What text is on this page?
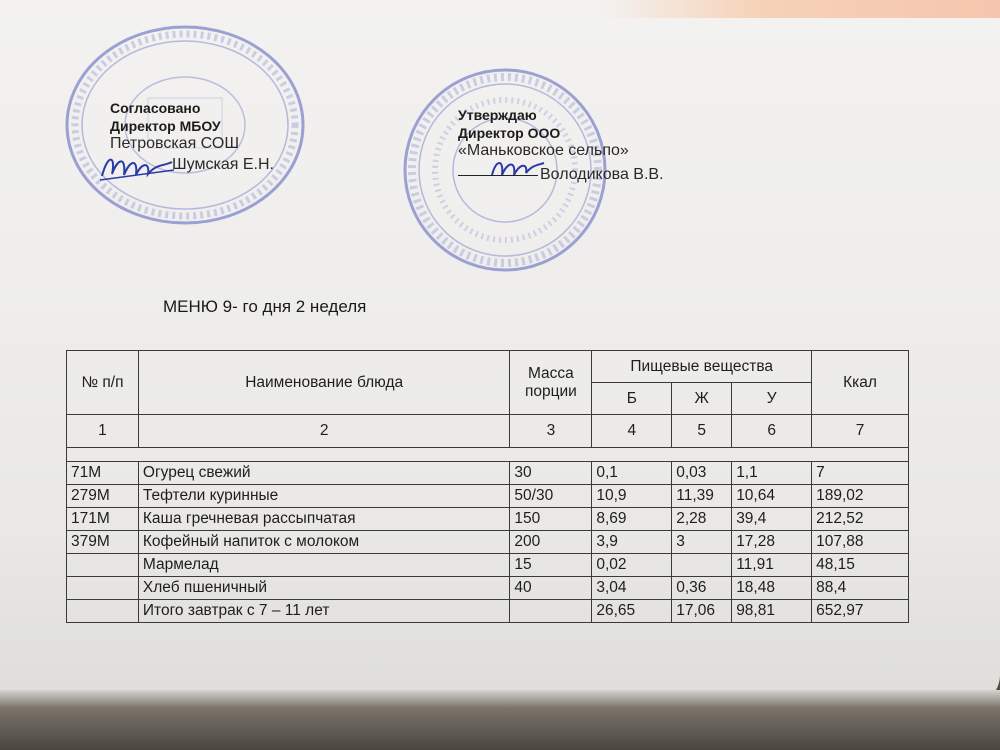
Согласовано
Директор МБОУ
Петровская СОШ
Шумская Е.Н.
Утверждаю
Директор ООО
«Маньковское сельпо»
Володикова В.В.
МЕНЮ 9- го дня 2 неделя
№ п/п	Наименование блюда	Масса порции	Пищевые вещества			Ккал
			Б	Ж	У	
1	2	3	4	5	6	7

71М	Огурец свежий	30	0,1	0,03	1,1	7
279М	Тефтели куринные	50/30	10,9	11,39	10,64	189,02
171М	Каша гречневая рассыпчатая	150	8,69	2,28	39,4	212,52
379М	Кофейный напиток с молоком	200	3,9	3	17,28	107,88
	Мармелад	15	0,02		11,91	48,15
	Хлеб пшеничный	40	3,04	0,36	18,48	88,4
	Итого завтрак с 7 – 11 лет		26,65	17,06	98,81	652,97
